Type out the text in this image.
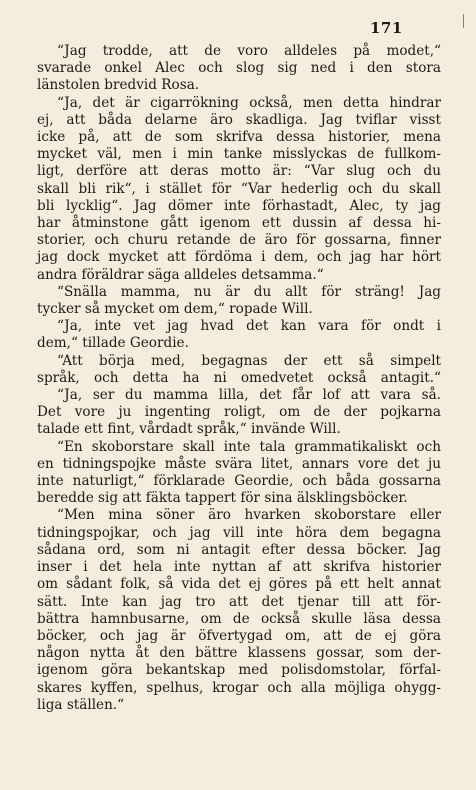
171
“Jag trodde, att de voro alldeles på modet,“
svarade onkel Alec och slog sig ned i den stora
länstolen bredvid Rosa.
“Ja, det är cigarrökning också, men detta hindrar
ej, att båda delarne äro skadliga. Jag tviflar visst
icke på, att de som skrifva dessa historier, mena
mycket väl, men i min tanke misslyckas de fullkom-
ligt, derföre att deras motto är: “Var slug och du
skall bli rik“, i stället för “Var hederlig och du skall
bli lycklig“. Jag dömer inte förhastadt, Alec, ty jag
har åtminstone gått igenom ett dussin af dessa hi-
storier, och churu retande de äro för gossarna, finner
jag dock mycket att fördöma i dem, och jag har hört
andra föräldrar säga alldeles detsamma.“
“Snälla mamma, nu är du allt för sträng! Jag
tycker så mycket om dem,“ ropade Will.
“Ja, inte vet jag hvad det kan vara för ondt i
dem,“ tillade Geordie.
“Att börja med, begagnas der ett så simpelt
språk, och detta ha ni omedvetet också antagit.“
“Ja, ser du mamma lilla, det får lof att vara så.
Det vore ju ingenting roligt, om de der pojkarna
talade ett fint, vårdadt språk,“ invände Will.
“En skoborstare skall inte tala grammatikaliskt och
en tidningspojke måste svära litet, annars vore det ju
inte naturligt,“ förklarade Geordie, och båda gossarna
beredde sig att fäkta tappert för sina älsklingsböcker.
“Men mina söner äro hvarken skoborstare eller
tidningspojkar, och jag vill inte höra dem begagna
sådana ord, som ni antagit efter dessa böcker. Jag
inser i det hela inte nyttan af att skrifva historier
om sådant folk, så vida det ej göres på ett helt annat
sätt. Inte kan jag tro att det tjenar till att för-
bättra hamnbusarne, om de också skulle läsa dessa
böcker, och jag är öfvertygad om, att de ej göra
någon nytta åt den bättre klassens gossar, som der-
igenom göra bekantskap med polisdomstolar, förfal-
skares kyffen, spelhus, krogar och alla möjliga ohygg-
liga ställen.“
